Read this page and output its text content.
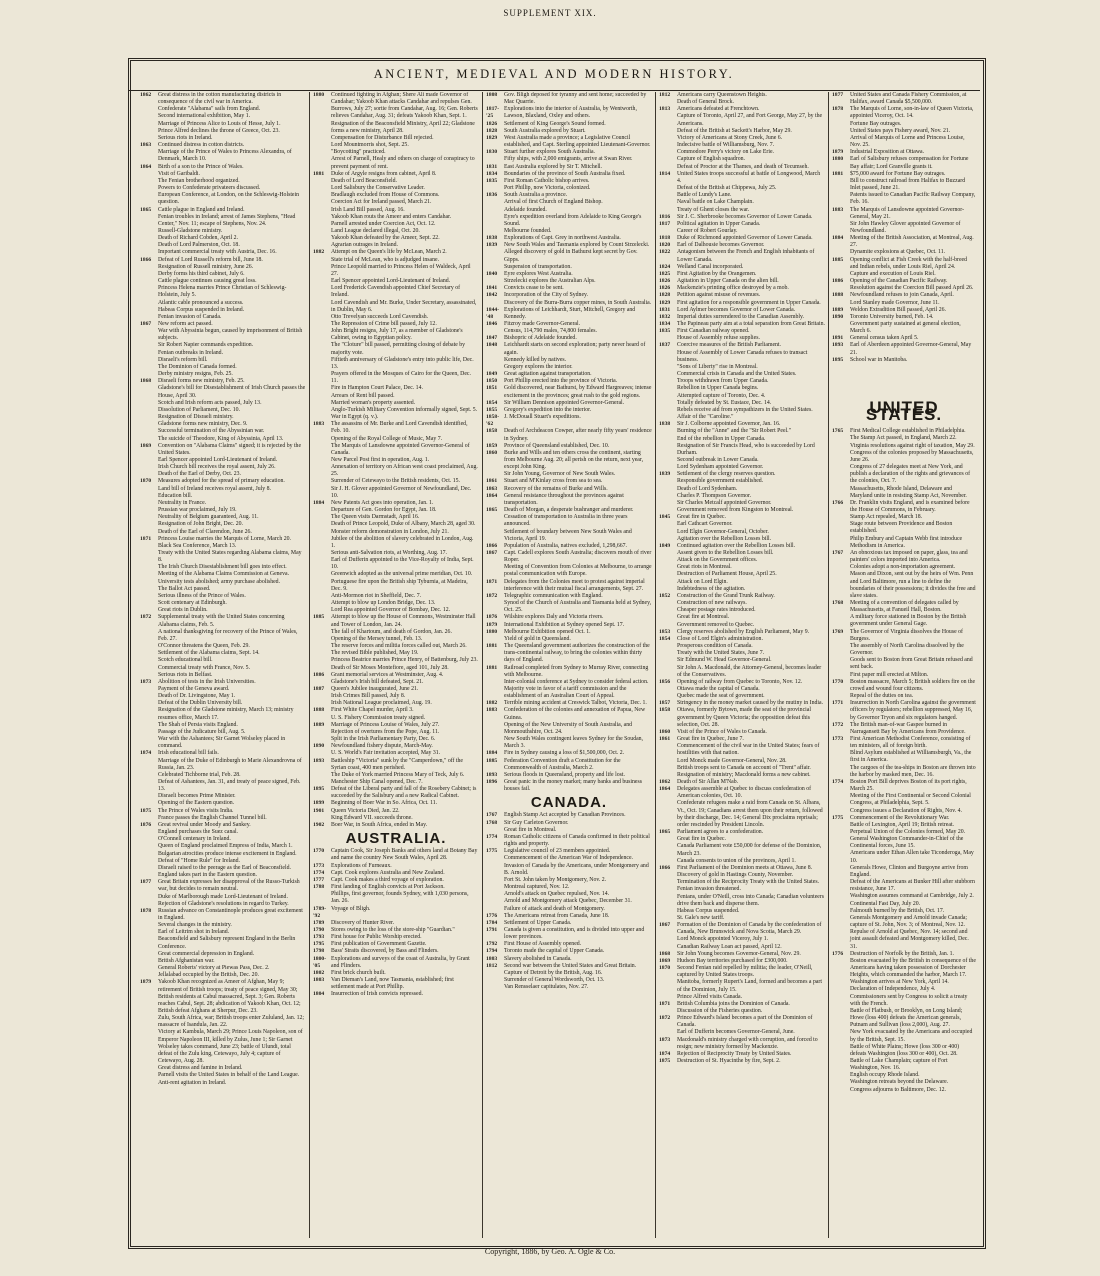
SUPPLEMENT XIX.
ANCIENT, MEDIEVAL AND MODERN HISTORY.
1862	Great distress in the cotton manufacturing districts in consequence of the civil war in America.
Confederate "Alabama" sails from England.
Second international exhibition, May 1.
Marriage of Princess Alice to Louis of Hesse, July 1.
Prince Alfred declines the throne of Greece, Oct. 23.
Serious riots in Ireland.
1863	Continued distress in cotton districts.
Marriage of the Prince of Wales to Princess Alexandra, of Denmark, March 10.
1864	Birth of a son to the Prince of Wales.
Visit of Garibaldi.
The Fenian brotherhood organized.
Powers to Confederate privateers discussed.
European Conference, at London, on the Schleswig-Holstein question.
1865	Cattle plague in England and Ireland.
Fenian troubles in Ireland; arrest of James Stephens, "Head Center," Nov. 11; escape of Stephens, Nov. 24.
Russell-Gladstone ministry.
Death of Richard Cobden, April 2.
Death of Lord Palmerston, Oct. 18.
Important commercial treaty with Austria, Dec. 16.
1866	Defeat of Lord Russell's reform bill, June 18.
Resignation of Russell ministry, June 26.
Derby forms his third cabinet, July 6.
Cattle plague continues causing great loss.
Princess Helena marries Prince Christian of Schleswig-Holstein, July 5.
Atlantic cable pronounced a success.
Habeas Corpus suspended in Ireland.
Fenian invasion of Canada.
1867	New reform act passed.
War with Abyssinia begun, caused by imprisonment of British subjects.
Sir Robert Napier commands expedition.
Fenian outbreaks in Ireland.
Disraeli's reform bill.
The Dominion of Canada formed.
Derby ministry resigns, Feb. 25.
1868	Disraeli forms new ministry, Feb. 25.
Gladstone's bill for Disestablishment of Irish Church passes the House, April 30.
Scotch and Irish reform acts passed, July 13.
Dissolution of Parliament, Dec. 10.
Resignation of Disraeli ministry.
Gladstone forms new ministry, Dec. 9.
Successful termination of the Abyssinian war.
The suicide of Theodore, King of Abyssinia, April 13.
1869	Convention on "Alabama Claims" signed; it is rejected by the United States.
Earl Spencer appointed Lord-Lieutenant of Ireland.
Irish Church bill receives the royal assent, July 26.
Death of the Earl of Derby, Oct. 23.
1870	Measures adopted for the spread of primary education.
Land bill of Ireland receives royal assent, July 8.
Education bill.
Neutrality in France.
Prussian war proclaimed, July 19.
Neutrality of Belgium guaranteed, Aug. 11.
Resignation of John Bright, Dec. 20.
Death of the Earl of Clarendon, June 26.
1871	Princess Louise marries the Marquis of Lorne, March 20.
Black Sea Conference, March 13.
Treaty with the United States regarding Alabama claims, May 8.
The Irish Church Disestablishment bill goes into effect.
Meeting of the Alabama Claims Commission at Geneva.
University tests abolished; army purchase abolished.
The Ballot Act passed.
Serious illness of the Prince of Wales.
Scott centenary at Edinburgh.
Great riots in Dublin.
1872	Supplemental treaty with the United States concerning Alabama claims, Feb. 5.
A national thanksgiving for recovery of the Prince of Wales, Feb. 27.
O'Connor threatens the Queen, Feb. 29.
Settlement of the Alabama claims, Sept. 14.
Scotch educational bill.
Commercial treaty with France, Nov. 5.
Serious riots in Belfast.
1873	Abolition of tests in the Irish Universities.
Payment of the Geneva award.
Death of Dr. Livingstone, May 1.
Defeat of the Dublin University bill.
Resignation of the Gladstone ministry, March 13; ministry resumes office, March 17.
The Shah of Persia visits England.
Passage of the Judicature bill, Aug. 5.
War with the Ashantees; Sir Garnet Wolseley placed in command.
1874	Irish educational bill fails.
Marriage of the Duke of Edinburgh to Marie Alexandrovna of Russia, Jan. 23.
Celebrated Tichborne trial, Feb. 28.
Defeat of Ashantees, Jan. 31, and treaty of peace signed, Feb. 13.
Disraeli becomes Prime Minister.
Opening of the Eastern question.
1875	The Prince of Wales visits India.
France passes the English Channel Tunnel bill.
1876	Great revival under Moody and Sankey.
England purchases the Suez canal.
O'Connell centenary in Ireland.
Queen of England proclaimed Empress of India, March 1.
Bulgarian atrocities produce intense excitement in England.
Defeat of "Home Rule" for Ireland.
Disraeli raised to the peerage as the Earl of Beaconsfield.
England takes part in the Eastern question.
1877	Great Britain expresses her disapproval of the Russo-Turkish war, but decides to remain neutral.
Duke of Marlborough made Lord-Lieutenant of Ireland.
Rejection of Gladstone's resolutions in regard to Turkey.
1878	Russian advance on Constantinople produces great excitement in England.
Several changes in the ministry.
Earl of Leitrim shot in Ireland.
Beaconsfield and Salisbury represent England in the Berlin Conference.
Great commercial depression in England.
British Afghanistan war.
General Roberts' victory at Piewas Pass, Dec. 2.
Jellalabad occupied by the British, Dec. 20.
1879	Yakoob Khan recognized as Ameer of Afghan, May 9; retirement of British troops; treaty of peace signed, May 30; British residents at Cabul massacred, Sept. 3; Gen. Roberts reaches Cabul, Sept. 28; abdication of Yakoob Khan, Oct. 12; British defeat Afghans at Sherpur, Dec. 23.
Zulu, South Africa, war; British troops enter Zululand, Jan. 12; massacre of Isandula, Jan. 22.
Victory at Kambula, March 29; Prince Louis Napoleon, son of Emperor Napoleon III, killed by Zulus, June 1; Sir Garnet Wolseley takes command, June 23; battle of Ulundi, total defeat of the Zulu king, Cetewayo, July 4; capture of Cetewayo, Aug. 28.
Great distress and famine in Ireland.
Parnell visits the United States in behalf of the Land League.
Anti-rent agitation in Ireland.
1880	Continued fighting in Afghan; Shere Ali made Governor of Candahar; Yakoob Khan attacks Candahar and repulses Gen. Burrows, July 27; sortie from Candahar, Aug. 16; Gen. Roberts relieves Candahar, Aug. 31; defeats Yakoob Khan, Sept. 1.
Resignation of the Beaconsfield Ministry, April 22; Gladstone forms a new ministry, April 28.
Compensation for Disturbance Bill rejected.
Lord Mountmorris shot, Sept. 25.
"Boycotting" practiced.
Arrest of Parnell, Healy and others on charge of conspiracy to prevent payment of rent.
1881	Duke of Argyle resigns from cabinet, April 8.
Death of Lord Beaconsfield.
Lord Salisbury the Conservative Leader.
Bradlaugh excluded from House of Commons.
Coercion Act for Ireland passed, March 21.
Irish Land Bill passed, Aug. 16.
Yakoob Khan routs the Ameer and enters Candahar.
Parnell arrested under Coercion Act, Oct. 12.
Land League declared illegal, Oct. 20.
Yakoob Khan defeated by the Ameer, Sept. 22.
Agrarian outrages in Ireland.
1882	Attempt on the Queen's life by McLean, March 2.
State trial of McLean, who is adjudged insane.
Prince Leopold married to Princess Helen of Waldeck, April 27.
Earl Spencer appointed Lord-Lieutenant of Ireland.
Lord Frederick Cavendish appointed Chief Secretary of Ireland.
Lord Cavendish and Mr. Burke, Under Secretary, assassinated, in Dublin, May 6.
Otto Trevelyan succeeds Lord Cavendish.
The Repression of Crime bill passed, July 12.
John Bright resigns, July 17, as a member of Gladstone's Cabinet, owing to Egyptian policy.
The "Cloture" bill passed, permitting closing of debate by majority vote.
Fiftieth anniversary of Gladstone's entry into public life, Dec. 13.
Prayers offered in the Mosques of Cairo for the Queen, Dec. 11.
Fire in Hampton Court Palace, Dec. 14.
Arrears of Rent bill passed.
Married woman's property assented.
Anglo-Turkish Military Convention informally signed, Sept. 5.
War in Egypt (q. v.).
1883	The assassins of Mr. Burke and Lord Cavendish identified, Feb. 10.
Opening of the Royal College of Music, May 7.
The Marquis of Lansdowne appointed Governor-General of Canada.
New Parcel Post first in operation, Aug. 1.
Annexation of territory on African west coast proclaimed, Aug. 25.
Surrender of Cetewayo to the British residents, Oct. 15.
Sir J. H. Glover appointed Governor of Newfoundland, Dec. 10.
1884	New Patents Act goes into operation, Jan. 1.
Departure of Gen. Gordon for Egypt, Jan. 18.
The Queen visits Darmstadt, April 16.
Death of Prince Leopold, Duke of Albany, March 28, aged 30.
Monster reform demonstration in London, July 21.
Jubilee of the abolition of slavery celebrated in London, Aug. 1.
Serious anti-Salvation riots, at Worthing, Aug. 17.
Earl of Dufferin appointed to the Vice-Royalty of India, Sept. 10.
Greenwich adopted as the universal prime meridian, Oct. 10.
Portuguese fire upon the British ship Tyburnia, at Madeira, Dec. 9.
Anti-Mormon riot in Sheffield, Dec. 7.
Attempt to blow up London Bridge, Dec. 13.
Lord Rea appointed Governor of Bombay, Dec. 12.
1885	Attempt to blow up the House of Commons, Westminster Hall and Tower of London, Jan. 24.
The fall of Khartoum, and death of Gordon, Jan. 26.
Opening of the Mersey tunnel, Feb. 13.
The reserve forces and militia forces called out, March 26.
The revised Bible published, May 19.
Princess Beatrice marries Prince Henry, of Battenburg, July 23.
Death of Sir Moses Montefiore, aged 101, July 28.
1886	Grant memorial services at Westminster, Aug. 4.
Gladstone's Irish bill defeated, Sept. 21.
1887	Queen's Jubilee inaugurated, June 21.
Irish Crimes Bill passed, July 8.
Irish National League proclaimed, Aug. 19.
1888	First White Chapel murder, April 3.
U. S. Fishery Commission treaty signed.
1889	Marriage of Princess Louise of Wales, July 27.
Rejection of overtures from the Pope, Aug. 11.
Split in the Irish Parliamentary Party, Dec. 6.
1890	Newfoundland fishery dispute, March-May.
U. S. World's Fair invitation accepted, May 31.
1893	Battleship "Victoria" sunk by the "Camperdown," off the Syrian coast, 400 men perished.
The Duke of York married Princess Mary of Teck, July 6.
Manchester Ship Canal opened, Dec. 7.
1895	Defeat of the Liberal party and fall of the Rosebery Cabinet; is succeeded by the Salisbury and a new Radical Cabinet.
1899	Beginning of Boer War in So. Africa, Oct. 11.
1901	Queen Victoria Died, Jan. 22.
King Edward VII. succeeds throne.
1902	Boer War, in South Africa, ended in May.
AUSTRALIA.
1770	Captain Cook, Sir Joseph Banks and others land at Botany Bay and name the country New South Wales, April 28.
1773	Explorations of Furneaux.
1774	Capt. Cook explores Australia and New Zealand.
1777	Capt. Cook makes a third voyage of exploration.
1788	First landing of English convicts at Port Jackson.
Phillips, first governor, founds Sydney, with 1,030 persons, Jan. 26.
1789-'92
Voyage of Bligh.
1789	Discovery of Hunter River.
1790	Stores owing to the loss of the store-ship "Guardian."
1793	First house for Public Worship erected.
1795	First publication of Government Gazette.
1798	Bass' Straits discovered, by Bass and Flinders.
1800-'05
Explorations and surveys of the coast of Australia, by Grant and Flinders.
1802	First brick church built.
1803	Van Dieman's Land, now Tasmania, established; first settlement made at Port Phillip.
1804	Insurrection of Irish convicts repressed.
1808	Gov. Bligh deposed for tyranny and sent home; succeeded by Mac Quarrie.
1817-'25
Explorations into the interior of Australia, by Wentworth, Lawson, Blaxland, Oxley and others.
1826	Settlement of King George's Sound formed.
1828	South Australia explored by Stuart.
1829	West Australia made a province; a Legislative Council established, and Capt. Sterling appointed Lieutenant-Governor.
1830	Stuart further explores South Australia.
Fifty ships, with 2,000 emigrants, arrive at Swan River.
1831	East Australia explored by Sir T. Mitchell.
1834	Boundaries of the province of South Australia fixed.
1835	First Roman Catholic bishop arrives.
Port Phillip, now Victoria, colonized.
1836	South Australia a province.
Arrival of first Church of England Bishop.
Adelaide founded.
Eyre's expedition overland from Adelaide to King George's Sound.
Melbourne founded.
1838	Explorations of Capt. Grey in northwest Australia.
1839	New South Wales and Tasmania explored by Count Strzelecki.
Alleged discovery of gold in Bathurst kept secret by Gov. Gipps.
Suspension of transportation.
1840	Eyre explores West Australia.
Strzelecki explores the Australian Alps.
1841	Convicts cease to be sent.
1842	Incorporation of the City of Sydney.
Discovery of the Burra-Burra copper mines, in South Australia.
1844-'48
Explorations of Leichhardt, Sturt, Mitchell, Gregory and Kennedy.
1846	Fitzroy made Governor-General.
Census, 114,790 males, 74,800 females.
1847	Bishopric of Adelaide founded.
1848	Leichhardt starts on second exploration; party never heard of again.
Kennedy killed by natives.
Gregory explores the interior.
1849	Great agitation against transportation.
1850	Port Phillip erected into the province of Victoria.
1851	Gold discovered, near Bathurst, by Edward Hargreaves; intense excitement in the provinces; great rush to the gold regions.
1854	Sir William Dennison appointed Governor-General.
1855	Gregory's expedition into the interior.
1858-'62
J. McDouall Stuart's expeditions.
1858	Death of Archdeacon Cowper, after nearly fifty years' residence in Sydney.
1859	Province of Queensland established, Dec. 10.
1860	Burke and Wills and ten others cross the continent, starting from Melbourne Aug. 20; all perish on the return, next year, except John King.
Sir John Young, Governor of New South Wales.
1861	Stuart and M'Kinlay cross from sea to sea.
1863	Recovery of the remains of Burke and Wills.
1864	General resistance throughout the provinces against transportation.
1865	Death of Morgan, a desperate bushranger and murderer.
Cessation of transportation to Australia in three years announced.
Settlement of boundary between New South Wales and Victoria, April 19.
1866	Population of Australia, natives excluded, 1,298,667.
1867	Capt. Cadell explores South Australia; discovers mouth of river Roper.
Meeting of Convention from Colonies at Melbourne, to arrange postal communication with Europe.
1871	Delegates from the Colonies meet to protest against imperial interference with their mutual fiscal arrangements, Sept. 27.
1872	Telegraphic communication with England.
Synod of the Church of Australia and Tasmania held at Sydney, Oct. 25.
1876	Wilshire explores Daly and Victoria rivers.
1879	International Exhibition at Sydney opened Sept. 17.
1880	Melbourne Exhibition opened Oct. 1.
Yield of gold in Queensland.
1881	The Queensland government authorizes the construction of the trans-continental railway, to bring the colonies within thirty days of England.
1881	Railroad completed from Sydney to Murray River, connecting with Melbourne.
Inter-colonial conference at Sydney to consider federal action.
Majority vote in favor of a tariff commission and the establishment of an Australian Court of Appeal.
1882	Terrible mining accident at Creswick Talbot, Victoria, Dec. 1.
1883	Confederation of the colonies and annexation of Papua, New Guinea.
Opening of the New University of South Australia, and Monmouthshire, Oct. 24.
New South Wales contingent leaves Sydney for the Soudan, March 3.
1884	Fire in Sydney causing a loss of $1,500,000, Oct. 2.
1885	Federation Convention draft a Constitution for the Commonwealth of Australia, March 2.
1893	Serious floods in Queensland, property and life lost.
1896	Great panic in the money market; many banks and business houses fail.
CANADA.
1767	English Stamp Act accepted by Canadian Provinces.
1768	Sir Guy Carleton Governor.
Great fire in Montreal.
1774	Roman Catholic citizens of Canada confirmed in their political rights and property.
1775	Legislative council of 23 members appointed.
Commencement of the American War of Independence.
Invasion of Canada by the Americans, under Montgomery and B. Arnold.
Fort St. John taken by Montgomery, Nov. 2.
Montreal captured, Nov. 12.
Arnold's attack on Quebec repulsed, Nov. 14.
Arnold and Montgomery attack Quebec, December 31.
Failure of attack and death of Montgomery.
1776	The Americans retreat from Canada, June 18.
1784	Settlement of Upper Canada.
1791	Canada is given a constitution, and is divided into upper and lower provinces.
1792	First House of Assembly opened.
1794	Toronto made the capital of Upper Canada.
1803	Slavery abolished in Canada.
1812	Second war between the United States and Great Britain.
Capture of Detroit by the British, Aug. 16.
Surrender of General Wordsworth, Oct. 13.
Van Rensselaer capitulates, Nov. 27.
1812	Americans carry Queenstown Heights.
Death of General Brock.
1813	Americans defeated at Frenchtown.
Capture of Toronto, April 27, and Fort George, May 27, by the Americans.
Defeat of the British at Sackett's Harbor, May 29.
Victory of Americans at Stony Creek, June 6.
Indecisive battle of Williamsburg, Nov. 7.
Commodore Perry's victory on Lake Erie.
Capture of English squadron.
Defeat of Proctor at the Thames, and death of Tecumseh.
1814	United States troops successful at battle of Longwood, March 4.
Defeat of the British at Chippewa, July 25.
Battle of Lundy's Lane.
Naval battle on Lake Champlain.
Treaty of Ghent closes the war.
1816	Sir J. C. Sherbrooke becomes Governor of Lower Canada.
1817	Political agitation in Upper Canada.
Career of Robert Gourlay.
1818	Duke of Richmond appointed Governor of Lower Canada.
1820	Earl of Dalhousie becomes Governor.
1822	Antagonism between the French and English inhabitants of Lower Canada.
1824	Welland Canal incorporated.
1825	First Agitation by the Orangemen.
1826	Agitation in Upper Canada on the alien bill.
1826	Mackenzie's printing office destroyed by a mob.
1828	Petition against misuse of revenues.
1829	First agitation for a responsible government in Upper Canada.
1831	Lord Aylmer becomes Governor of Lower Canada.
1832	Imperial duties surrendered to the Canadian Assembly.
1834	The Papineau party aim at a total separation from Great Britain.
1835	First Canadian railway opened.
House of Assembly refuse supplies.
1837	Coercive measures of the British Parliament.
House of Assembly of Lower Canada refuses to transact business.
"Sons of Liberty" rise in Montreal.
Commercial crisis in Canada and the United States.
Troops withdrawn from Upper Canada.
Rebellion in Upper Canada begins.
Attempted capture of Toronto, Dec. 4.
Totally defeated by St. Eustace, Dec. 14.
Rebels receive aid from sympathizers in the United States.
Affair of the "Caroline."
1838	Sir J. Colborne appointed Governor, Jan. 16.
Burning of the "Anne" and the "Sir Robert Peel."
End of the rebellion in Upper Canada.
Resignation of Sir Francis Head, who is succeeded by Lord Durham.
Second outbreak in Lower Canada.
Lord Sydenham appointed Governor.
1839	Settlement of the clergy reserves question.
Responsible government established.
Death of Lord Sydenham.
Charles P. Thompson Governor.
Sir Charles Metcalf appointed Governor.
Government removed from Kingston to Montreal.
1845	Great fire in Quebec.
Earl Cathcart Governor.
Lord Elgin Governor-General, October.
Agitation over the Rebellion Losses bill.
1849	Continued agitation over the Rebellion Losses bill.
Assent given to the Rebellion Losses bill.
Attack on the Government offices.
Great riots in Montreal.
Destruction of Parliament House, April 25.
Attack on Lord Elgin.
Indebtedness of the agitation.
1852	Construction of the Grand Trunk Railway.
Construction of new railways.
Cheaper postage rates introduced.
Great fire at Montreal.
Government removed to Quebec.
1853	Clergy reserves abolished by English Parliament, May 9.
1854	Close of Lord Elgin's administration.
Prosperous condition of Canada.
Treaty with the United States, June 7.
Sir Edmund W. Head Governor-General.
Sir John A. Macdonald, the Attorney-General, becomes leader of the Conservatives.
1856	Opening of railway from Quebec to Toronto, Nov. 12.
Ottawa made the capital of Canada.
Quebec made the seat of government.
1857	Stringency in the money market caused by the mutiny in India.
1858	Ottawa, formerly Bytown, made the seat of the provincial government by Queen Victoria; the opposition defeat this selection, Oct. 28.
1860	Visit of the Prince of Wales to Canada.
1861	Great fire in Quebec, June 7.
Commencement of the civil war in the United States; fears of hostilities with that nation.
Lord Monck made Governor-General, Nov. 28.
British troops sent to Canada on account of "Trent" affair.
Resignation of ministry; Macdonald forms a new cabinet.
1862	Death of Sir Allan M'Nab.
1864	Delegates assemble at Quebec to discuss confederation of American colonies, Oct. 10.
Confederate refugees make a raid from Canada on St. Albans, Vt., Oct. 19; Canadians arrest them upon their return, followed by their discharge, Dec. 14; General Dix proclaims reprisals; order rescinded by President Lincoln.
1865	Parliament agrees to a confederation.
Great fire in Quebec.
Canada Parliament vote £50,000 for defense of the Dominion, March 23.
Canada consents to union of the provinces, April 1.
1866	First Parliament of the Dominion meets at Ottawa, June 8.
Discovery of gold in Hastings County, November.
Termination of the Reciprocity Treaty with the United States.
Fenian invasion threatened.
Fenians, under O'Neill, cross into Canada; Canadian volunteers drive them back and disperse them.
Habeas Corpus suspended.
St. Gale's new tariff.
1867	Formation of the Dominion of Canada by the confederation of Canada, New Brunswick and Nova Scotia, March 29.
Lord Monck appointed Viceroy, July 1.
Canadian Railway Loan act passed, April 12.
1868	Sir John Young becomes Governor-General, Nov. 29.
1869	Hudson Bay territories purchased for £300,000.
1870	Second Fenian raid repelled by militia; the leader, O'Neill, captured by United States troops.
Manitoba, formerly Rupert's Land, formed and becomes a part of the Dominion, July 15.
Prince Alfred visits Canada.
1871	British Columbia joins the Dominion of Canada.
Discussion of the Fisheries question.
1872	Prince Edward's Island becomes a part of the Dominion of Canada.
Earl of Dufferin becomes Governor-General, June.
1873	Macdonald's ministry charged with corruption, and forced to resign; new ministry formed by Mackenzie.
1874	Rejection of Reciprocity Treaty by United States.
1875	Destruction of St. Hyacinthe by fire, Sept. 2.
1877	United States and Canada Fishery Commission, at Halifax, award Canada $5,500,000.
1878	The Marquis of Lorne, son-in-law of Queen Victoria, appointed Viceroy, Oct. 14.
Fortune Bay outrages.
United States pays Fishery award, Nov. 21.
Arrival of Marquis of Lorne and Princess Louise, Nov. 25.
1879	Industrial Exposition at Ottawa.
1880	Earl of Salisbury refuses compensation for Fortune Bay affair; Lord Granville grants it.
1881	$75,000 award for Fortune Bay outrages.
Bill to construct railroad from Halifax to Buzzard Inlet passed, June 21.
Patents issued to Canadian Pacific Railway Company, Feb. 16.
1883	The Marquis of Lansdowne appointed Governor-General, May 21.
Sir John Hawley Glover appointed Governor of Newfoundland.
1884	Meeting of the British Association, at Montreal, Aug. 27.
Dynamite explosions at Quebec, Oct. 11.
1885	Opening conflict at Fish Creek with the half-breed and Indian rebels, under Louis Riel, April 24.
Capture and execution of Louis Riel.
1886	Opening of the Canadian Pacific Railway.
Resolution against the Coercion Bill passed April 26.
1888	Newfoundland refuses to join Canada, April.
Lord Stanley made Governor, June 11.
1889	Weldon Extradition Bill passed, April 26.
1890	Toronto University burned, Feb. 14.
Government party sustained at general election, March 6.
1891	General census taken April 5.
1893	Earl of Aberdeen appointed Governor-General, May 21.
1895	School war in Manitoba.
UNITED STATES.
1765	First Medical College established in Philadelphia.
The Stamp Act passed, in England, March 22.
Virginia resolutions against right of taxation, May 29.
Congress of the colonies proposed by Massachusetts, June 26.
Congress of 27 delegates meet at New York, and publish a declaration of the rights and grievances of the colonies, Oct. 7.
Massachusetts, Rhode Island, Delaware and Maryland unite in resisting Stamp Act, November.
1766	Dr. Franklin visits England, and is examined before the House of Commons, in February.
Stamp Act repealed, March 18.
Stage route between Providence and Boston established.
Philip Embury and Captain Webb first introduce Methodism in America.
1767	An obnoxious tax imposed on paper, glass, tea and painters' colors imported into America.
Colonies adopt a non-importation agreement.
Mason and Dixon, sent out by the heirs of Wm. Penn and Lord Baltimore, run a line to define the boundaries of their possessions; it divides the free and slave states.
1768	Meeting of a convention of delegates called by Massachusetts, at Fanueil Hall, Boston.
A military force stationed in Boston by the British government under General Gage.
1769	The Governor of Virginia dissolves the House of Burgess.
The assembly of North Carolina dissolved by the Governor.
Goods sent to Boston from Great Britain refused and sent back.
First paper mill erected at Milton.
1770	Boston massacre, March 5; British soldiers fire on the crowd and wound four citizens.
Repeal of the duties on tea.
1771	Insurrection in North Carolina against the government officers by regulators; rebellion suppressed, May 16, by Governor Tryon and six regulators hanged.
1772	The British man-of-war Gaspee burned in Narragansett Bay by Americans from Providence.
1773	First American Methodist Conference, consisting of ten ministers, all of foreign birth.
Blind Asylum established at Williamsburgh, Va., the first in America.
The cargoes of the tea-ships in Boston are thrown into the harbor by masked men, Dec. 16.
1774	Boston Port Bill deprives Boston of its port rights, March 25.
Meeting of the First Continental or Second Colonial Congress, at Philadelphia, Sept. 5.
Congress issues a Declaration of Rights, Nov. 4.
1775	Commencement of the Revolutionary War.
Battle of Lexington, April 19; British retreat.
Perpetual Union of the Colonies formed, May 20.
General Washington Commander-in-Chief of the Continental forces, June 15.
Americans under Ethan Allen take Ticonderoga, May 10.
Generals Howe, Clinton and Burgoyne arrive from England.
Defeat of the Americans at Bunker Hill after stubborn resistance, June 17.
Washington assumes command at Cambridge, July 2.
Continental Fast Day, July 20.
Falmouth burned by the British, Oct. 17.
Generals Montgomery and Arnold invade Canada; capture of St. John, Nov. 3; of Montreal, Nov. 12. Repulse of Arnold at Quebec, Nov. 14; second and joint assault defeated and Montgomery killed, Dec. 31.
1776	Destruction of Norfolk by the British, Jan. 1.
Boston evacuated by the British in consequence of the Americans having taken possession of Dorchester Heights, which commanded the harbor, March 17.
Washington arrives at New York, April 14.
Declaration of Independence, July 4.
Commissioners sent by Congress to solicit a treaty with the French.
Battle of Flatbush, or Brooklyn, on Long Island; Howe (loss 400) defeats the American generals, Putnam and Sullivan (loss 2,000), Aug. 27.
New York evacuated by the Americans and occupied by the British, Sept. 15.
Battle of White Plains; Howe (loss 300 or 400) defeats Washington (loss 300 or 400), Oct. 28.
Battle of Lake Champlain; capture of Fort Washington, Nov. 16.
English occupy Rhode Island.
Washington retreats beyond the Delaware.
Congress adjourns to Baltimore, Dec. 12.
Copyright, 1886, by Geo. A. Ogle & Co.
